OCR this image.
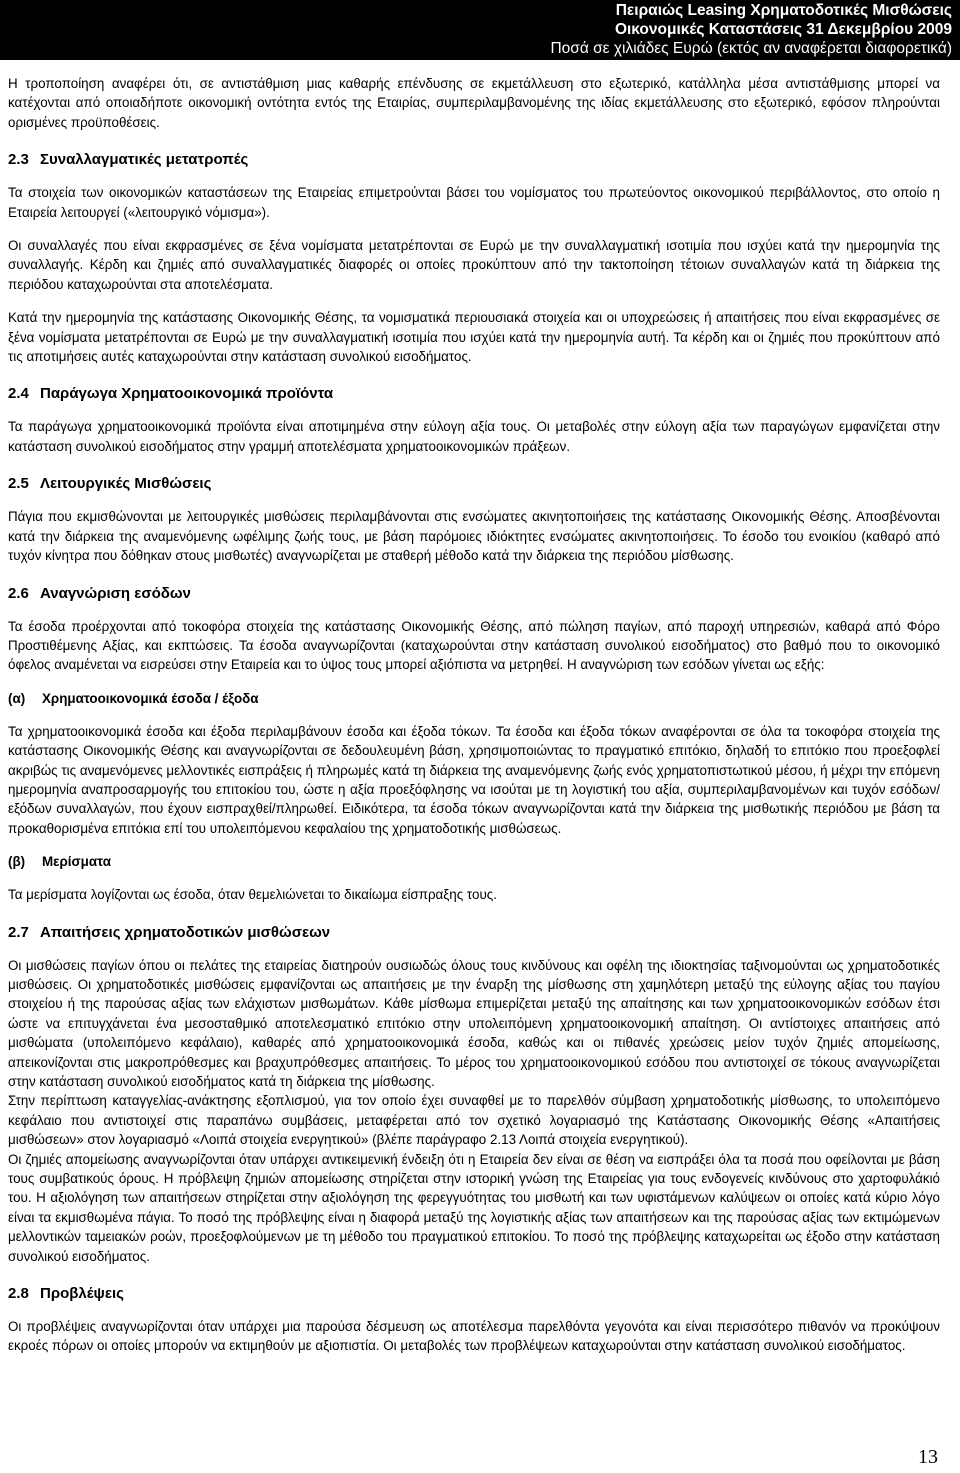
Πειραιώς Leasing Χρηματοδοτικές Μισθώσεις
Οικονομικές Καταστάσεις 31 Δεκεμβρίου 2009
Ποσά σε χιλιάδες Ευρώ (εκτός αν αναφέρεται διαφορετικά)

Η τροποποίηση αναφέρει ότι, σε αντιστάθμιση μιας καθαρής επένδυσης σε εκμετάλλευση στο εξωτερικό, κατάλληλα μέσα αντιστάθμισης μπορεί να κατέχονται από οποιαδήποτε οικονομική οντότητα εντός της Εταιρίας, συμπεριλαμβανομένης της ιδίας εκμετάλλευσης στο εξωτερικό, εφόσον πληρούνται ορισμένες προϋποθέσεις.

2.3 Συναλλαγματικές μετατροπές

Τα στοιχεία των οικονομικών καταστάσεων της Εταιρείας επιμετρούνται βάσει του νομίσματος του πρωτεύοντος οικονομικού περιβάλλοντος, στο οποίο η Εταιρεία λειτουργεί («λειτουργικό νόμισμα»).

Οι συναλλαγές που είναι εκφρασμένες σε ξένα νομίσματα μετατρέπονται σε Ευρώ με την συναλλαγματική ισοτιμία που ισχύει κατά την ημερομηνία της συναλλαγής. Κέρδη και ζημιές από συναλλαγματικές διαφορές οι οποίες προκύπτουν από την τακτοποίηση τέτοιων συναλλαγών κατά τη διάρκεια της περιόδου καταχωρούνται στα αποτελέσματα.

Κατά την ημερομηνία της κατάστασης Οικονομικής Θέσης, τα νομισματικά περιουσιακά στοιχεία και οι υποχρεώσεις ή απαιτήσεις που είναι εκφρασμένες σε ξένα νομίσματα μετατρέπονται σε Ευρώ με την συναλλαγματική ισοτιμία που ισχύει κατά την ημερομηνία αυτή. Τα κέρδη και οι ζημιές που προκύπτουν από τις αποτιμήσεις αυτές καταχωρούνται στην κατάσταση συνολικού εισοδήματος.

2.4 Παράγωγα Χρηματοοικονομικά προϊόντα

Τα παράγωγα χρηματοοικονομικά προϊόντα είναι αποτιμημένα στην εύλογη αξία τους. Οι μεταβολές στην εύλογη αξία των παραγώγων εμφανίζεται στην κατάσταση συνολικού εισοδήματος στην γραμμή αποτελέσματα χρηματοοικονομικών πράξεων.

2.5 Λειτουργικές Μισθώσεις

Πάγια που εκμισθώνονται με λειτουργικές μισθώσεις περιλαμβάνονται στις ενσώματες ακινητοποιήσεις της κατάστασης Οικονομικής Θέσης. Αποσβένονται κατά την διάρκεια της αναμενόμενης ωφέλιμης ζωής τους, με βάση παρόμοιες ιδιόκτητες ενσώματες ακινητοποιήσεις. Το έσοδο του ενοικίου (καθαρό από τυχόν κίνητρα που δόθηκαν στους μισθωτές) αναγνωρίζεται με σταθερή μέθοδο κατά την διάρκεια της περιόδου μίσθωσης.

2.6 Αναγνώριση εσόδων

Τα έσοδα προέρχονται από τοκοφόρα στοιχεία της κατάστασης Οικονομικής Θέσης, από πώληση παγίων, από παροχή υπηρεσιών, καθαρά από Φόρο Προστιθέμενης Αξίας, και εκπτώσεις. Τα έσοδα αναγνωρίζονται (καταχωρούνται στην κατάσταση συνολικού εισοδήματος) στο βαθμό που το οικονομικό όφελος αναμένεται να εισρεύσει στην Εταιρεία και το ύψος τους μπορεί αξιόπιστα να μετρηθεί. Η αναγνώριση των εσόδων γίνεται ως εξής:

(α) Χρηματοοικονομικά έσοδα / έξοδα

Τα χρηματοοικονομικά έσοδα και έξοδα περιλαμβάνουν έσοδα και έξοδα τόκων. Τα έσοδα και έξοδα τόκων αναφέρονται σε όλα τα τοκοφόρα στοιχεία της κατάστασης Οικονομικής Θέσης και αναγνωρίζονται σε δεδουλευμένη βάση, χρησιμοποιώντας το πραγματικό επιτόκιο, δηλαδή το επιτόκιο που προεξοφλεί ακριβώς τις αναμενόμενες μελλοντικές εισπράξεις ή πληρωμές κατά τη διάρκεια της αναμενόμενης ζωής ενός χρηματοπιστωτικού μέσου, ή μέχρι την επόμενη ημερομηνία αναπροσαρμογής του επιτοκίου του, ώστε η αξία προεξόφλησης να ισούται με τη λογιστική του αξία, συμπεριλαμβανομένων και τυχόν εσόδων/εξόδων συναλλαγών, που έχουν εισπραχθεί/πληρωθεί. Ειδικότερα, τα έσοδα τόκων αναγνωρίζονται κατά την διάρκεια της μισθωτικής περιόδου με βάση τα προκαθορισμένα επιτόκια επί του υπολειπόμενου κεφαλαίου της χρηματοδοτικής μισθώσεως.

(β) Μερίσματα

Τα μερίσματα λογίζονται ως έσοδα, όταν θεμελιώνεται το δικαίωμα είσπραξης τους.

2.7 Απαιτήσεις χρηματοδοτικών μισθώσεων

Οι μισθώσεις παγίων όπου οι πελάτες της εταιρείας διατηρούν ουσιωδώς όλους τους κινδύνους και οφέλη της ιδιοκτησίας ταξινομούνται ως χρηματοδοτικές μισθώσεις. Οι χρηματοδοτικές μισθώσεις εμφανίζονται ως απαιτήσεις με την έναρξη της μίσθωσης στη χαμηλότερη μεταξύ της εύλογης αξίας του παγίου στοιχείου ή της παρούσας αξίας των ελάχιστων μισθωμάτων. Κάθε μίσθωμα επιμερίζεται μεταξύ της απαίτησης και των χρηματοοικονομικών εσόδων έτσι ώστε να επιτυγχάνεται ένα μεσοσταθμικό αποτελεσματικό επιτόκιο στην υπολειπόμενη χρηματοοικονομική απαίτηση. Οι αντίστοιχες απαιτήσεις από μισθώματα (υπολειπόμενο κεφάλαιο), καθαρές από χρηματοοικονομικά έσοδα, καθώς και οι πιθανές χρεώσεις μείον τυχόν ζημιές απομείωσης, απεικονίζονται στις μακροπρόθεσμες και βραχυπρόθεσμες απαιτήσεις. Το μέρος του χρηματοοικονομικού εσόδου που αντιστοιχεί σε τόκους αναγνωρίζεται στην κατάσταση συνολικού εισοδήματος κατά τη διάρκεια της μίσθωσης.

Στην περίπτωση καταγγελίας-ανάκτησης εξοπλισμού, για τον οποίο έχει συναφθεί με το παρελθόν σύμβαση χρηματοδοτικής μίσθωσης, το υπολειπόμενο κεφάλαιο που αντιστοιχεί στις παραπάνω συμβάσεις, μεταφέρεται από τον σχετικό λογαριασμό της Κατάστασης Οικονομικής Θέσης «Απαιτήσεις μισθώσεων» στον λογαριασμό «Λοιπά στοιχεία ενεργητικού» (βλέπε παράγραφο 2.13 Λοιπά στοιχεία ενεργητικού).

Οι ζημιές απομείωσης αναγνωρίζονται όταν υπάρχει αντικειμενική ένδειξη ότι η Εταιρεία δεν είναι σε θέση να εισπράξει όλα τα ποσά που οφείλονται με βάση τους συμβατικούς όρους. Η πρόβλεψη ζημιών απομείωσης στηρίζεται στην ιστορική γνώση της Εταιρείας για τους ενδογενείς κινδύνους στο χαρτοφυλάκιό του. Η αξιολόγηση των απαιτήσεων στηρίζεται στην αξιολόγηση της φερεγγυότητας του μισθωτή και των υφιστάμενων καλύψεων οι οποίες κατά κύριο λόγο είναι τα εκμισθωμένα πάγια. Το ποσό της πρόβλεψης είναι η διαφορά μεταξύ της λογιστικής αξίας των απαιτήσεων και της παρούσας αξίας των εκτιμώμενων μελλοντικών ταμειακών ροών, προεξοφλούμενων με τη μέθοδο του πραγματικού επιτοκίου. Το ποσό της πρόβλεψης καταχωρείται ως έξοδο στην κατάσταση συνολικού εισοδήματος.

2.8 Προβλέψεις

Οι προβλέψεις αναγνωρίζονται όταν υπάρχει μια παρούσα δέσμευση ως αποτέλεσμα παρελθόντα γεγονότα και είναι περισσότερο πιθανόν να προκύψουν εκροές πόρων οι οποίες μπορούν να εκτιμηθούν με αξιοπιστία. Οι μεταβολές των προβλέψεων καταχωρούνται στην κατάσταση συνολικού εισοδήματος.

13
